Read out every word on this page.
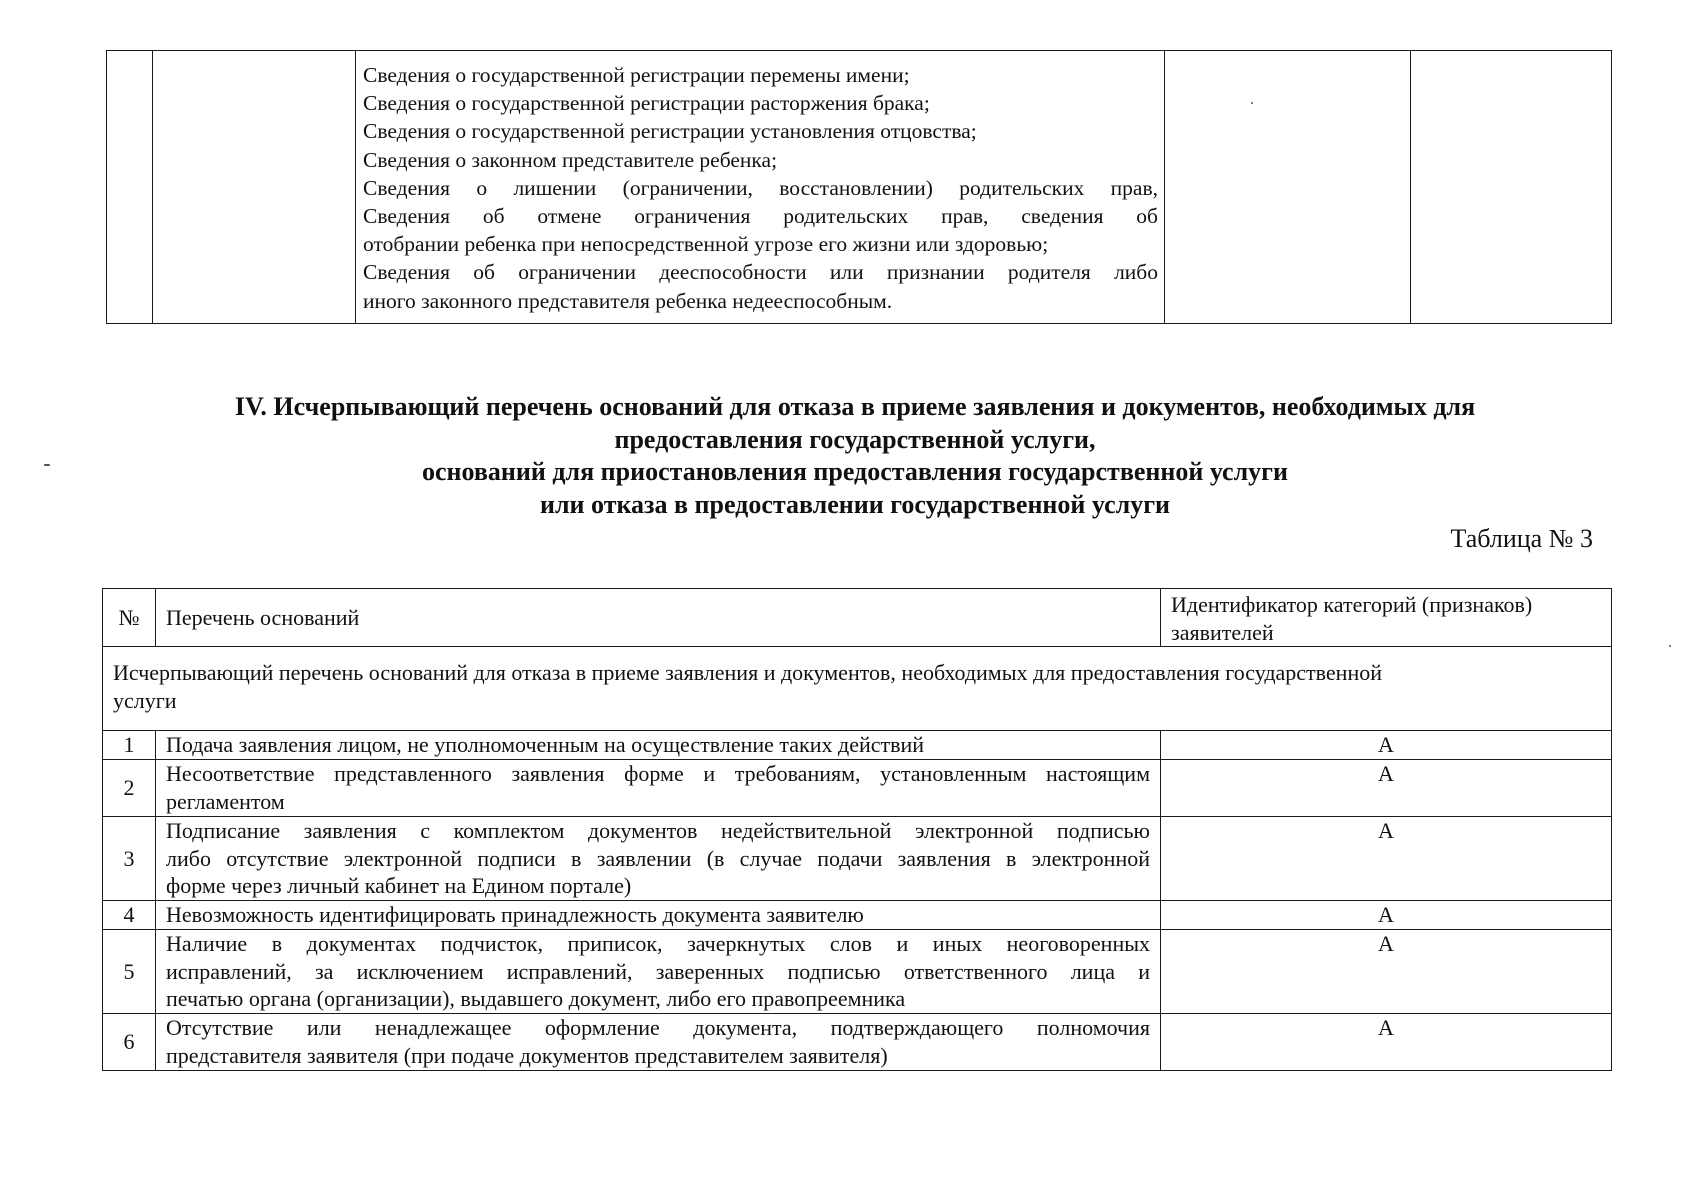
Сведения о государственной регистрации перемены имени;
Сведения о государственной регистрации расторжения брака;
Сведения о государственной регистрации установления отцовства;
Сведения о законном представителе ребенка;
Сведения о лишении (ограничении, восстановлении) родительских прав,
Сведения об отмене ограничения родительских прав, сведения об
отобрании ребенка при непосредственной угрозе его жизни или здоровью;
Сведения об ограничении дееспособности или признании родителя либо
иного законного представителя ребенка недееспособным.

IV. Исчерпывающий перечень оснований для отказа в приеме заявления и документов, необходимых для
предоставления государственной услуги,
оснований для приостановления предоставления государственной услуги
или отказа в предоставлении государственной услуги
Таблица № 3
№	Перечень оснований	Идентификатор категорий (признаков)
заявителей

Исчерпывающий перечень оснований для отказа в приеме заявления и документов, необходимых для предоставления государственной
услуги		

1	Подача заявления лицом, не уполномоченным на осуществление таких действий	А
2	Несоответствие представленного заявления форме и требованиям, установленным настоящим
регламентом	А
3	Подписание заявления с комплектом документов недействительной электронной подписью
либо отсутствие электронной подписи в заявлении (в случае подачи заявления в электронной
форме через личный кабинет на Едином портале)	А
4	Невозможность идентифицировать принадлежность документа заявителю	А
5	Наличие в документах подчисток, приписок, зачеркнутых слов и иных неоговоренных
исправлений, за исключением исправлений, заверенных подписью ответственного лица и
печатью органа (организации), выдавшего документ, либо его правопреемника	А
6	Отсутствие или ненадлежащее оформление документа, подтверждающего полномочия
представителя заявителя (при подаче документов представителем заявителя)	А
